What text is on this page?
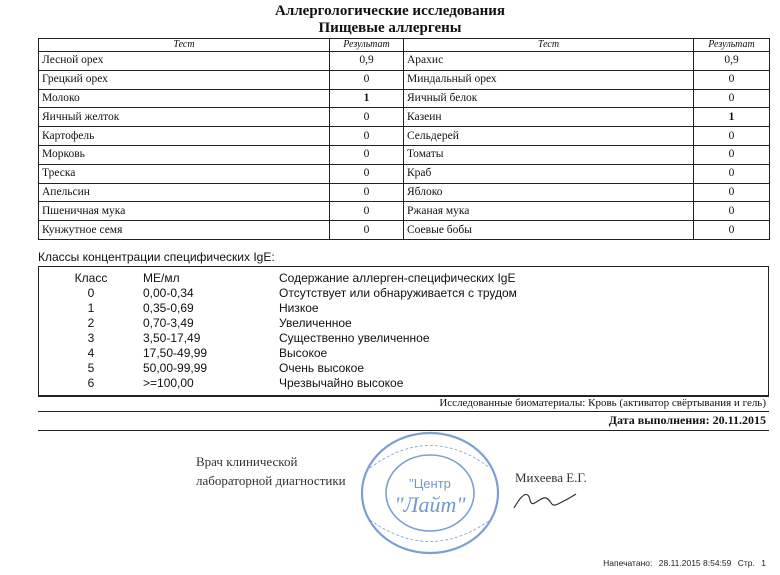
Аллергологические исследования
Пищевые аллергены
Тест	Результат	Тест	Результат
Лесной орех	0,9	Арахис	0,9
Грецкий орех	0	Миндальный орех	0
Молоко	1	Яичный белок	0
Яичный желток	0	Казеин	1
Картофель	0	Сельдерей	0
Морковь	0	Томаты	0
Треска	0	Краб	0
Апельсин	0	Яблоко	0
Пшеничная мука	0	Ржаная мука	0
Кунжутное семя	0	Соевые бобы	0
Классы концентрации специфических IgE:
Класс	МЕ/мл	Содержание аллерген-специфических IgE
0	0,00-0,34	Отсутствует или обнаруживается с трудом
1	0,35-0,69	Низкое
2	0,70-3,49	Увеличенное
3	3,50-17,49	Существенно увеличенное
4	17,50-49,99	Высокое
5	50,00-99,99	Очень высокое
6	>=100,00	Чрезвычайно высокое
Исследованные биоматериалы: Кровь (активатор свёртывания и гель)
Дата выполнения: 20.11.2015
Врач клинической
лабораторной диагностики	"Центр
"Лайт"
Михеева Е.Г.
Напечатано: 28.11.2015 8:54:59 Стр. 1
